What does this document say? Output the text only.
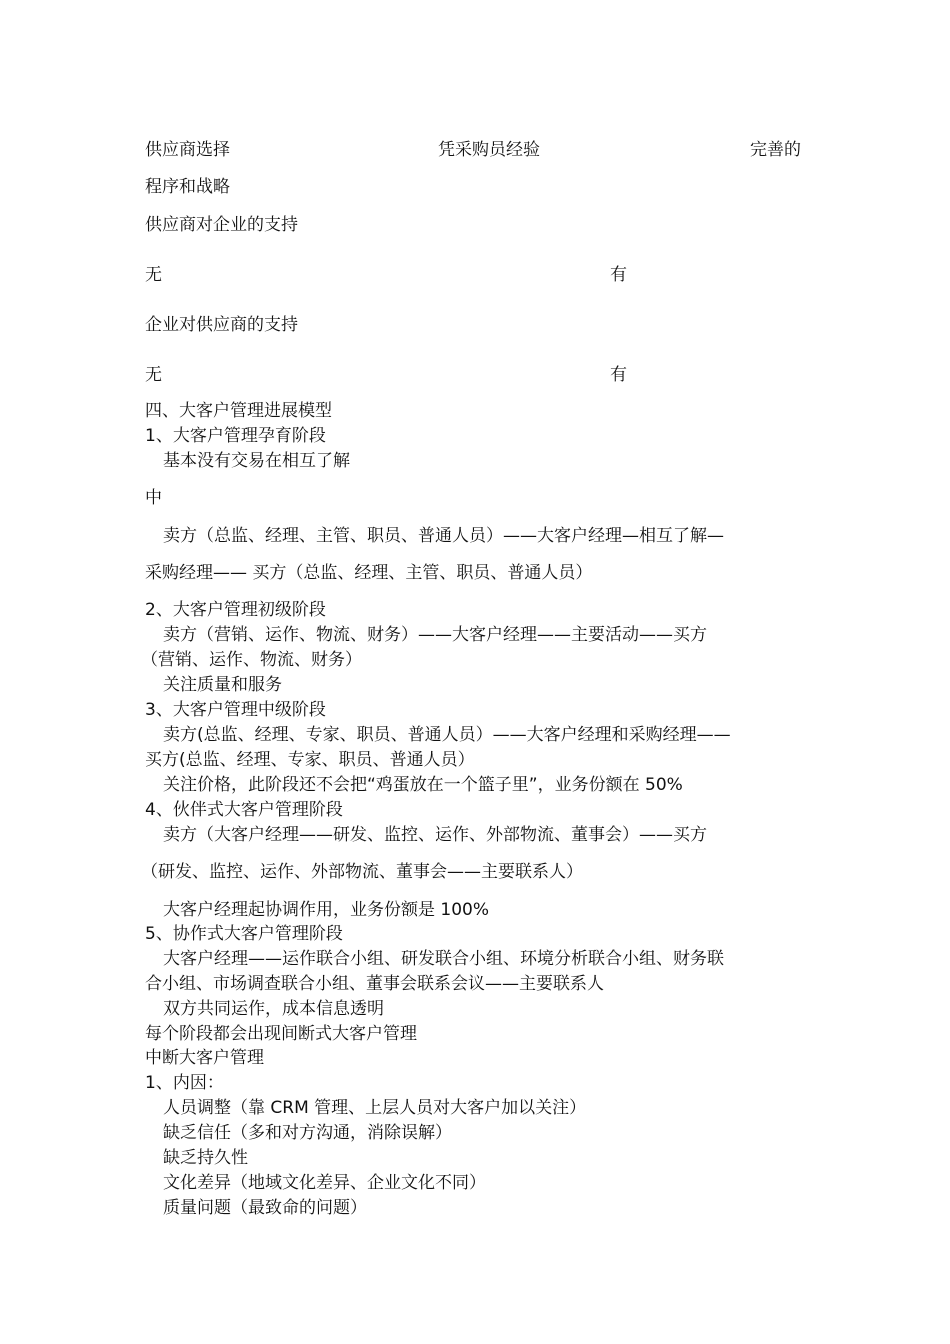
供应商选择	凭采购员经验	完善的

程序和战略

供应商对企业的支持

无	有

企业对供应商的支持

无	有

四、大客户管理进展模型

1、大客户管理孕育阶段

基本没有交易在相互了解

中

卖方（总监、经理、主管、职员、普通人员）——大客户经理—相互了解—

采购经理—— 买方（总监、经理、主管、职员、普通人员）

2、大客户管理初级阶段

卖方（营销、运作、物流、财务）——大客户经理——主要活动——买方

（营销、运作、物流、财务）

关注质量和服务

3、大客户管理中级阶段

卖方(总监、经理、专家、职员、普通人员）——大客户经理和采购经理——

买方(总监、经理、专家、职员、普通人员）

关注价格，此阶段还不会把“鸡蛋放在一个篮子里”，业务份额在 50%

4、伙伴式大客户管理阶段

卖方（大客户经理——研发、监控、运作、外部物流、董事会）——买方

（研发、监控、运作、外部物流、董事会——主要联系人）

大客户经理起协调作用，业务份额是 100%

5、协作式大客户管理阶段

大客户经理——运作联合小组、研发联合小组、环境分析联合小组、财务联

合小组、市场调查联合小组、董事会联系会议——主要联系人

双方共同运作，成本信息透明

每个阶段都会出现间断式大客户管理

中断大客户管理

1、内因：

人员调整（靠 CRM 管理、上层人员对大客户加以关注）

缺乏信任（多和对方沟通，消除误解）

缺乏持久性

文化差异（地域文化差异、企业文化不同）

质量问题（最致命的问题）
